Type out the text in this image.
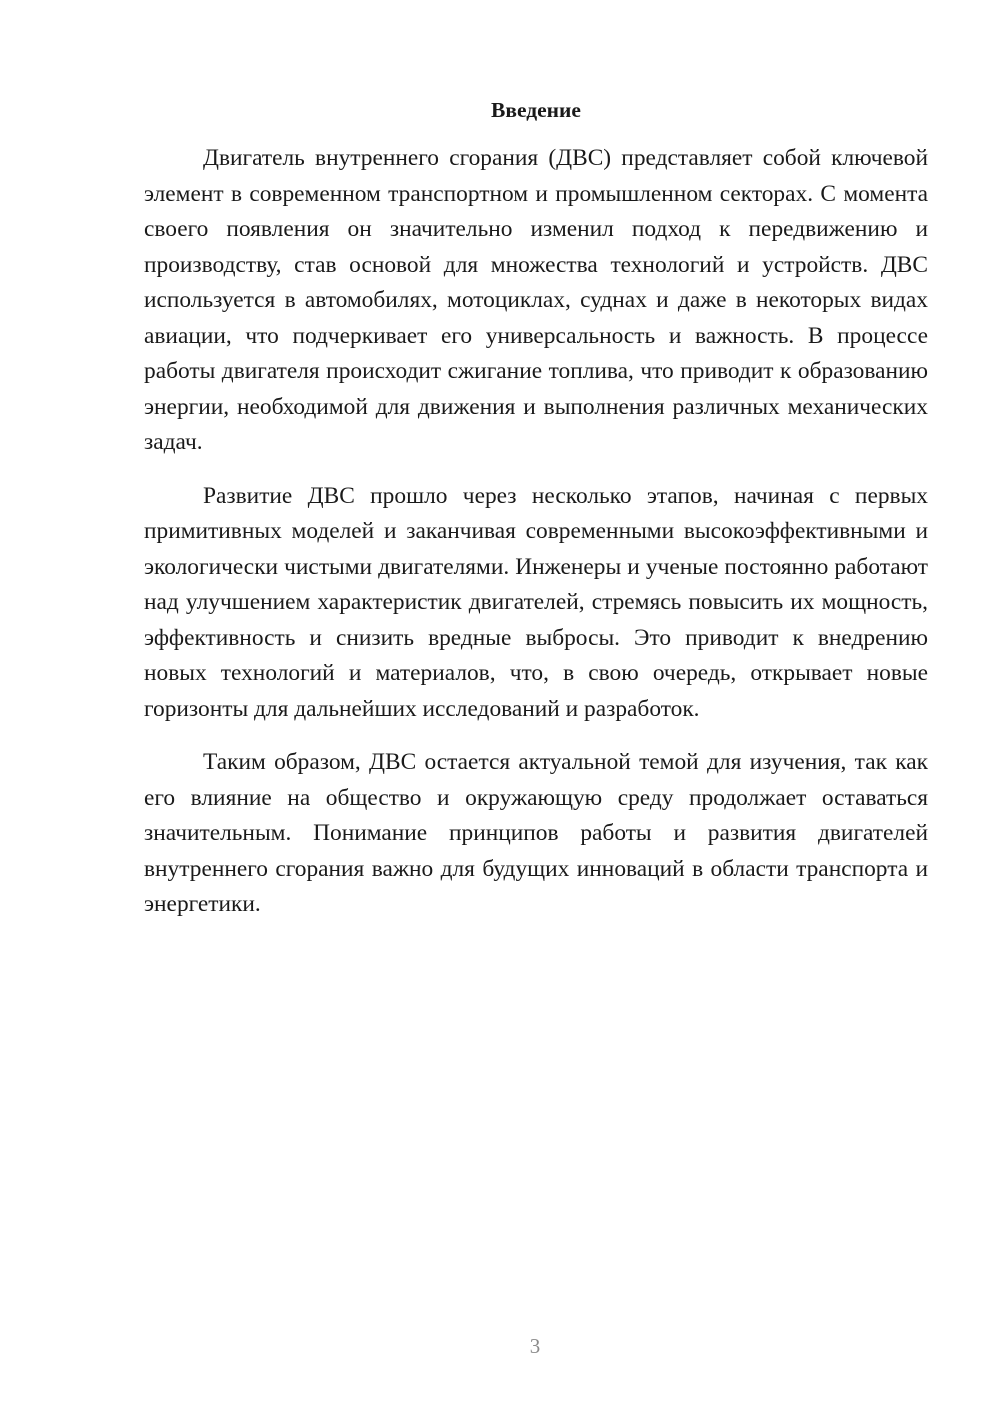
Введение

Двигатель внутреннего сгорания (ДВС) представляет собой ключевой элемент в современном транспортном и промышленном секторах. С момента своего появления он значительно изменил подход к передвижению и производству, став основой для множества технологий и устройств. ДВС используется в автомобилях, мотоциклах, суднах и даже в некоторых видах авиации, что подчеркивает его универсальность и важность. В процессе работы двигателя происходит сжигание топлива, что приводит к образованию энергии, необходимой для движения и выполнения различных механических задач.

Развитие ДВС прошло через несколько этапов, начиная с первых примитивных моделей и заканчивая современными высокоэффективными и экологически чистыми двигателями. Инженеры и ученые постоянно работают над улучшением характеристик двигателей, стремясь повысить их мощность, эффективность и снизить вредные выбросы. Это приводит к внедрению новых технологий и материалов, что, в свою очередь, открывает новые горизонты для дальнейших исследований и разработок.

Таким образом, ДВС остается актуальной темой для изучения, так как его влияние на общество и окружающую среду продолжает оставаться значительным. Понимание принципов работы и развития двигателей внутреннего сгорания важно для будущих инноваций в области транспорта и энергетики.

3
